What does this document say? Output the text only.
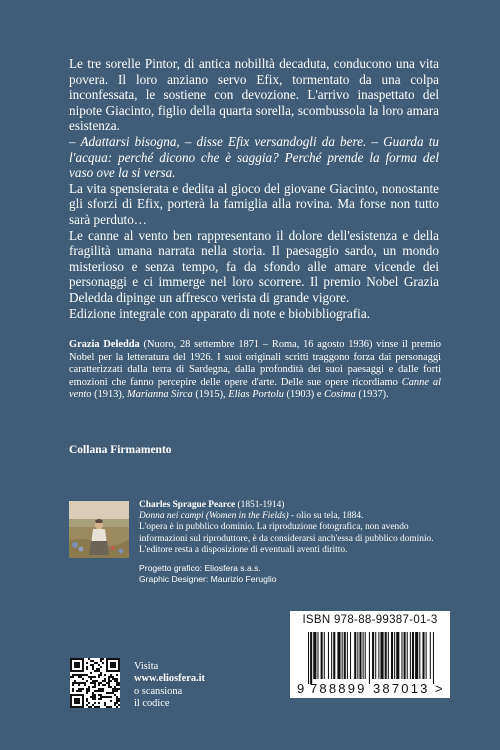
Le tre sorelle Pintor, di antica nobilltà decaduta, conducono una vita povera. Il loro anziano servo Efix, tormentato da una colpa inconfessata, le sostiene con devozione. L'arrivo inaspettato del nipote Giacinto, figlio della quarta sorella, scombussola la loro amara esistenza.

– Adattarsi bisogna, – disse Efix versandogli da bere. – Guarda tu l'acqua: perché dicono che è saggia? Perché prende la forma del vaso ove la si versa.

La vita spensierata e dedita al gioco del giovane Giacinto, nonostante gli sforzi di Efix, porterà la famiglia alla rovina. Ma forse non tutto sarà perduto…

Le canne al vento ben rappresentano il dolore dell'esistenza e della fragilità umana narrata nella storia. Il paesaggio sardo, un mondo misterioso e senza tempo, fa da sfondo alle amare vicende dei personaggi e ci immerge nel loro scorrere. Il premio Nobel Grazia Deledda dipinge un affresco verista di grande vigore.

Edizione integrale con apparato di note e biobibliografia.

Grazia Deledda (Nuoro, 28 settembre 1871 – Roma, 16 agosto 1936) vinse il premio Nobel per la letteratura del 1926. I suoi originali scritti traggono forza dai personaggi caratterizzati dalla terra di Sardegna, dalla profondità dei suoi paesaggi e dalle forti emozioni che fanno percepire delle opere d'arte. Delle sue opere ricordiamo Canne al vento (1913), Marianna Sirca (1915), Elias Portolu (1903) e Cosima (1937).
Collana Firmamento
Charles Sprague Pearce (1851-1914)
Donna nei campi (Women in the Fields) - olio su tela, 1884.
L'opera è in pubblico dominio. La riproduzione fotografica, non avendo informazioni sul riproduttore, è da considerarsi anch'essa di pubblico dominio. L'editore resta a disposizione di eventuali aventi diritto.
Progetto grafico: Eliosfera s.a.s.
Graphic Designer: Maurizio Feruglio
ISBN 978-88-99387-01-3
9 788899 387013 >
Visita
www.eliosfera.it
o scansiona
il codice
